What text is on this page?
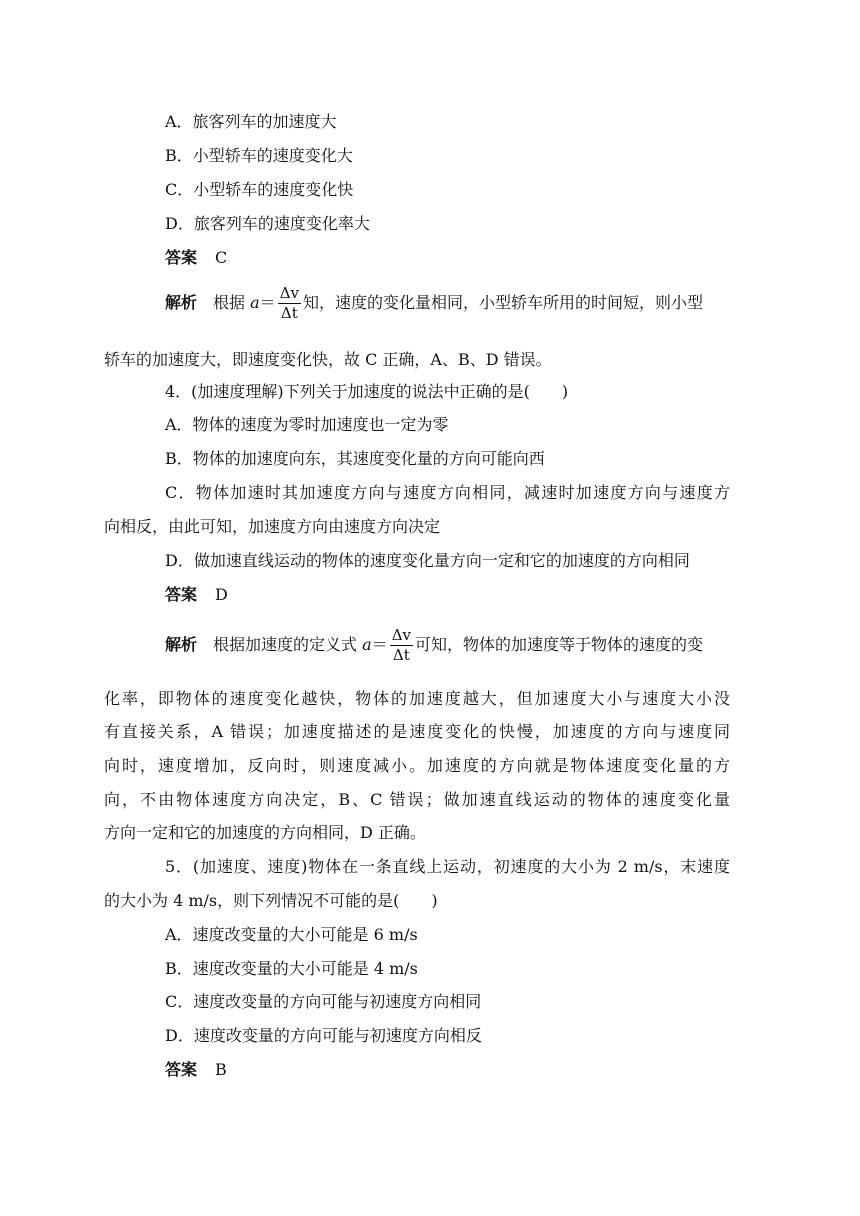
A．旅客列车的加速度大
B．小型轿车的速度变化大
C．小型轿车的速度变化快
D．旅客列车的速度变化率大
答案 C
解析 根据 $a= \frac{\Delta v}{\Delta t}$ 知，速度的变化量相同，小型轿车所用的时间短，则小型
轿车的加速度大，即速度变化快，故 C 正确，A、B、D 错误。
4．(加速度理解)下列关于加速度的说法中正确的是(　　)
A．物体的速度为零时加速度也一定为零
B．物体的加速度向东，其速度变化量的方向可能向西
C．物体加速时其加速度方向与速度方向相同，减速时加速度方向与速度方
向相反，由此可知，加速度方向由速度方向决定
D．做加速直线运动的物体的速度变化量方向一定和它的加速度的方向相同
答案 D
解析 根据加速度的定义式 $a= \frac{\Delta v}{\Delta t}$ 可知，物体的加速度等于物体的速度的变
化率，即物体的速度变化越快，物体的加速度越大，但加速度大小与速度大小没
有直接关系，A 错误；加速度描述的是速度变化的快慢，加速度的方向与速度同
向时，速度增加，反向时，则速度减小。加速度的方向就是物体速度变化量的方
向，不由物体速度方向决定，B、C 错误；做加速直线运动的物体的速度变化量
方向一定和它的加速度的方向相同，D 正确。
5．(加速度、速度)物体在一条直线上运动，初速度的大小为 2 m/s，末速度
的大小为 4 m/s，则下列情况不可能的是(　　)
A．速度改变量的大小可能是 6 m/s
B．速度改变量的大小可能是 4 m/s
C．速度改变量的方向可能与初速度方向相同
D．速度改变量的方向可能与初速度方向相反
答案 B
